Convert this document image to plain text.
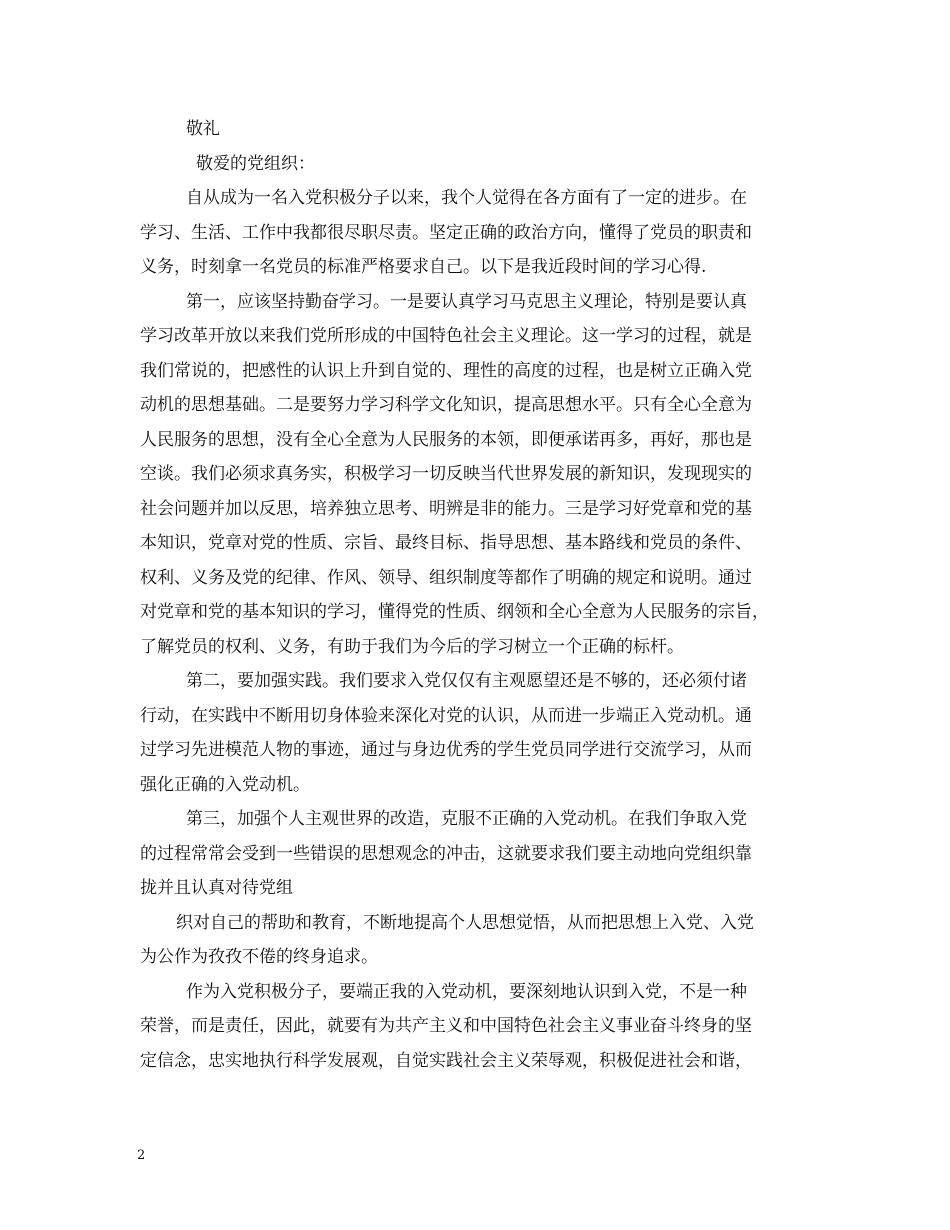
敬礼
敬爱的党组织：
自从成为一名入党积极分子以来，我个人觉得在各方面有了一定的进步。在
学习、生活、工作中我都很尽职尽责。坚定正确的政治方向，懂得了党员的职责和
义务，时刻拿一名党员的标准严格要求自己。以下是我近段时间的学习心得.
第一，应该坚持勤奋学习。一是要认真学习马克思主义理论，特别是要认真
学习改革开放以来我们党所形成的中国特色社会主义理论。这一学习的过程，就是
我们常说的，把感性的认识上升到自觉的、理性的高度的过程，也是树立正确入党
动机的思想基础。二是要努力学习科学文化知识，提高思想水平。只有全心全意为
人民服务的思想，没有全心全意为人民服务的本领，即便承诺再多，再好，那也是
空谈。我们必须求真务实，积极学习一切反映当代世界发展的新知识，发现现实的
社会问题并加以反思，培养独立思考、明辨是非的能力。三是学习好党章和党的基
本知识，党章对党的性质、宗旨、最终目标、指导思想、基本路线和党员的条件、
权利、义务及党的纪律、作风、领导、组织制度等都作了明确的规定和说明。通过
对党章和党的基本知识的学习，懂得党的性质、纲领和全心全意为人民服务的宗旨，
了解党员的权利、义务，有助于我们为今后的学习树立一个正确的标杆。
第二，要加强实践。我们要求入党仅仅有主观愿望还是不够的，还必须付诸
行动，在实践中不断用切身体验来深化对党的认识，从而进一步端正入党动机。通
过学习先进模范人物的事迹，通过与身边优秀的学生党员同学进行交流学习，从而
强化正确的入党动机。
第三，加强个人主观世界的改造，克服不正确的入党动机。在我们争取入党
的过程常常会受到一些错误的思想观念的冲击，这就要求我们要主动地向党组织靠
拢并且认真对待党组
织对自己的帮助和教育，不断地提高个人思想觉悟，从而把思想上入党、入党
为公作为孜孜不倦的终身追求。
作为入党积极分子，要端正我的入党动机，要深刻地认识到入党，不是一种
荣誉，而是责任，因此，就要有为共产主义和中国特色社会主义事业奋斗终身的坚
定信念，忠实地执行科学发展观，自觉实践社会主义荣辱观，积极促进社会和谐，
2
